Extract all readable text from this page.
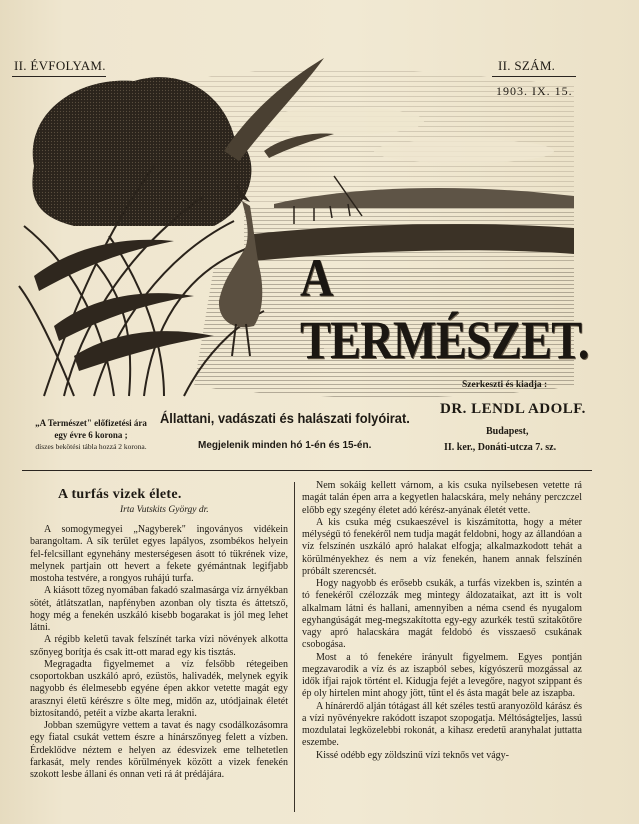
II. ÉVFOLYAM.	II. SZÁM.
A TERMÉSZET.
„A Természet" előfizetési ára
egy évre 6 korona ;
díszes bekötési tábla hozzá 2 korona.
Állattani, vadászati és halászati folyóirat.
Megjelenik minden hó 1-én és 15-én.
Szerkeszti és kiadja :
DR. LENDL ADOLF.
Budapest,
II. ker., Donáti-utcza 7. sz.
A turfás vizek élete.
Irta Vutskits György dr.

A somogymegyei „Nagyberek" ingoványos vidékein barangoltam. A sík terület egyes lapályos, zsombékos helyein fel-felcsillant egynehány mesterségesen ásott tó tükrének vize, melynek partjain ott hevert a fekete gyémántnak legifjabb mostoha testvére, a rongyos ruhájú turfa.

A kiásott tőzeg nyomában fakadó szalmasárga víz árnyékban sötét, átlátszatlan, napfényben azonban oly tiszta és áttetsző, hogy még a fenekén uszkáló kisebb bogarakat is jól meg lehet látni.

A régibb keletű tavak felszínét tarka vízi növények alkotta szőnyeg borítja és csak itt-ott marad egy kis tisztás.

Megragadta figyelmemet a víz felsőbb rétegeiben csoportokban uszkáló apró, ezüstös, halivadék, melynek egyik nagyobb és élelmesebb egyéne épen akkor vetette magát egy arasznyi életű kérészre s ölte meg, midőn az, utódjainak életét biztosítandó, petéit a vízbe akarta lerakni.

Jobban szemügyre vettem a tavat és nagy csodálkozásomra egy fiatal csukát vettem észre a hínárszőnyeg felett a vízben. Érdeklődve néztem e helyen az édesvizek eme telhetetlen farkasát, mely rendes körülmények között a vizek fenekén szokott lesbe állani és onnan veti rá át prédájára.

Nem sokáig kellett várnom, a kis csuka nyilsebesen vetette rá magát talán épen arra a kegyetlen halacskára, mely nehány perczczel előbb egy szegény életet adó kérész-anyának életét vette.

A kis csuka még csukaeszével is kiszámította, hogy a méter mélységű tó fenekéről nem tudja magát feldobni, hogy az állandóan a víz felszínén uszkáló apró halakat elfogja; alkalmazkodott tehát a körülményekhez és nem a víz fenekén, hanem annak felszínén próbált szerencsét.

Hogy nagyobb és erősebb csukák, a turfás vizekben is, szintén a tó fenekéről czélozzák meg mintegy áldozataikat, azt itt is volt alkalmam látni és hallani, amennyiben a néma csend és nyugalom egyhangúságát meg-megszakította egy-egy azurkék testű szitakötőre vagy apró halacskára magát feldobó és visszaeső csukának csobogása.

Most a tó fenekére irányult figyelmem. Egyes pontján megzavarodik a víz és az iszapból sebes, kígyószerű mozgással az idők ifjai rajok történt el. Kidugja fejét a levegőre, nagyot szippant és ép oly hirtelen mint ahogy jött, tűnt el és ásta magát bele az iszapba.

A hínárerdő alján tótágast áll két széles testű aranyozöld kárász és a vízi nyövényekre rakódott iszapot szopogatja. Méltóságteljes, lassú mozdulatai legközelebbi rokonát, a kihasz eredetű aranyhalat juttatta eszembe.

Kissé odébb egy zöldszinű vízi teknős vet vágy-
